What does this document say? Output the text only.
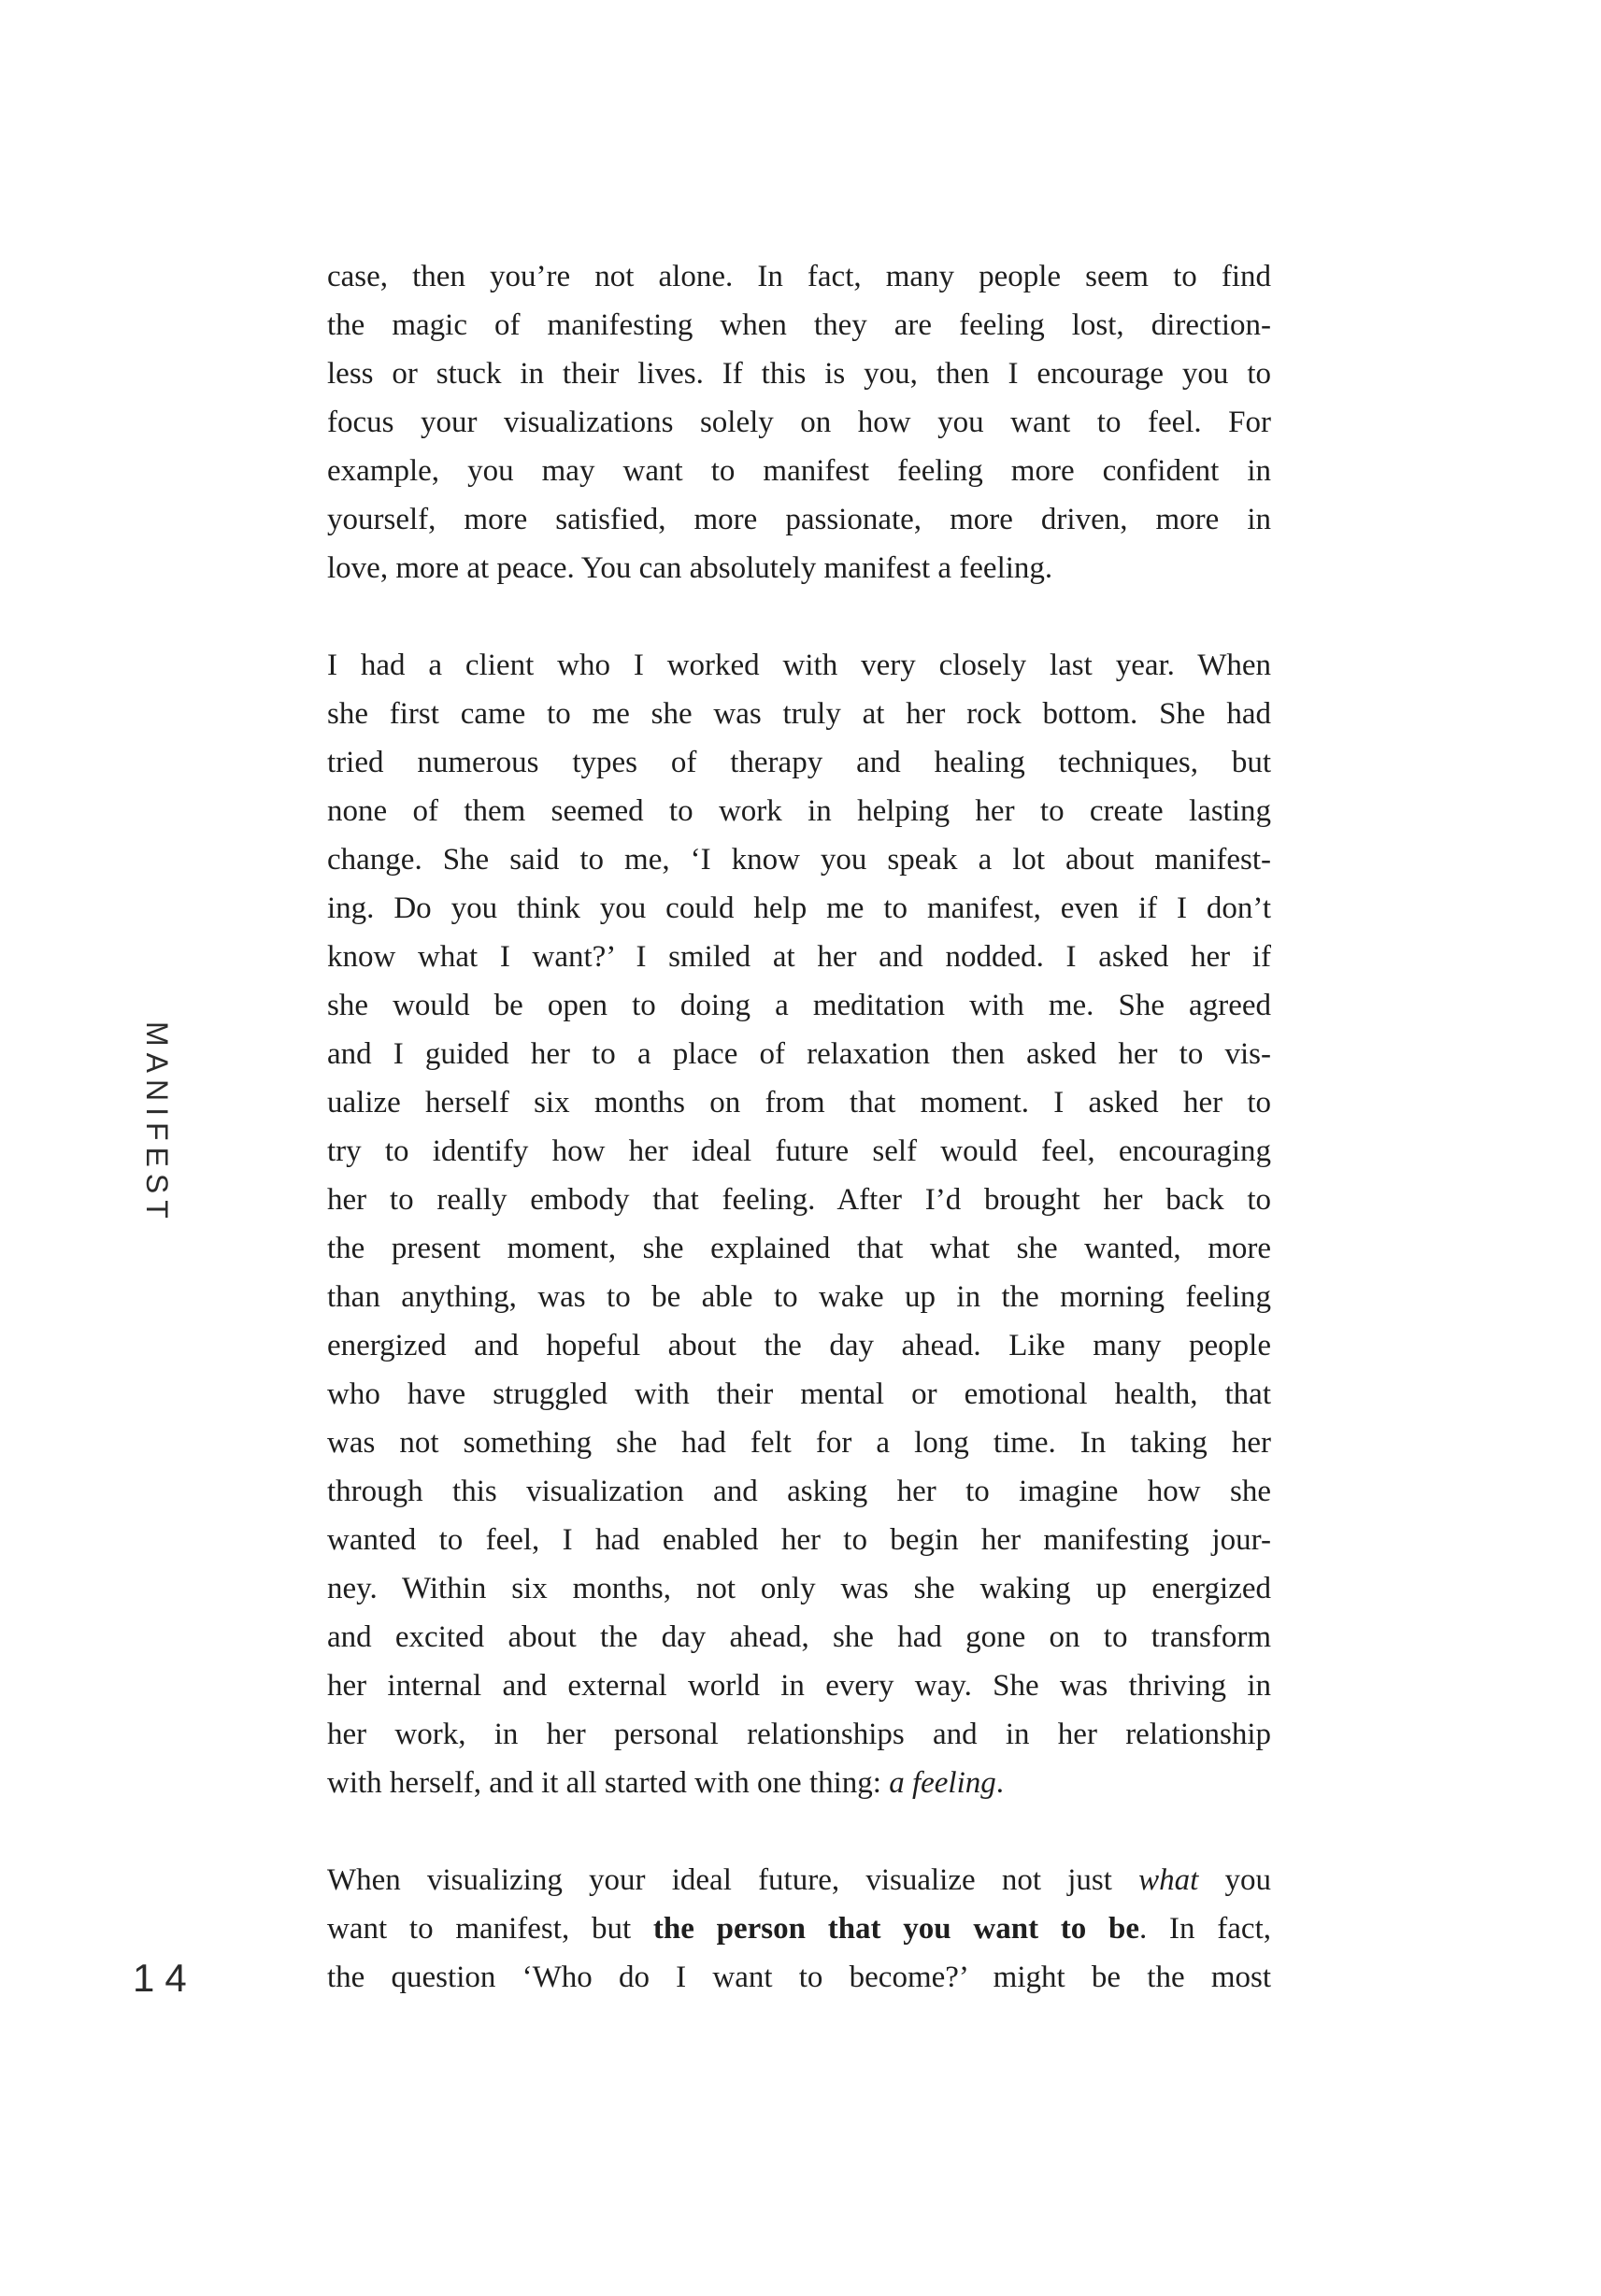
MANIFEST
14
case, then you’re not alone. In fact, many people seem to find
the magic of manifesting when they are feeling lost, direction-
less or stuck in their lives. If this is you, then I encourage you to
focus your visualizations solely on how you want to feel. For
example, you may want to manifest feeling more confident in
yourself, more satisfied, more passionate, more driven, more in
love, more at peace. You can absolutely manifest a feeling.
I had a client who I worked with very closely last year. When
she first came to me she was truly at her rock bottom. She had
tried numerous types of therapy and healing techniques, but
none of them seemed to work in helping her to create lasting
change. She said to me, ‘I know you speak a lot about manifest-
ing. Do you think you could help me to manifest, even if I don’t
know what I want?’ I smiled at her and nodded. I asked her if
she would be open to doing a meditation with me. She agreed
and I guided her to a place of relaxation then asked her to vis-
ualize herself six months on from that moment. I asked her to
try to identify how her ideal future self would feel, encouraging
her to really embody that feeling. After I’d brought her back to
the present moment, she explained that what she wanted, more
than anything, was to be able to wake up in the morning feeling
energized and hopeful about the day ahead. Like many people
who have struggled with their mental or emotional health, that
was not something she had felt for a long time. In taking her
through this visualization and asking her to imagine how she
wanted to feel, I had enabled her to begin her manifesting jour-
ney. Within six months, not only was she waking up energized
and excited about the day ahead, she had gone on to transform
her internal and external world in every way. She was thriving in
her work, in her personal relationships and in her relationship
with herself, and it all started with one thing: a feeling.
When visualizing your ideal future, visualize not just what you
want to manifest, but the person that you want to be. In fact,
the question ‘Who do I want to become?’ might be the most
